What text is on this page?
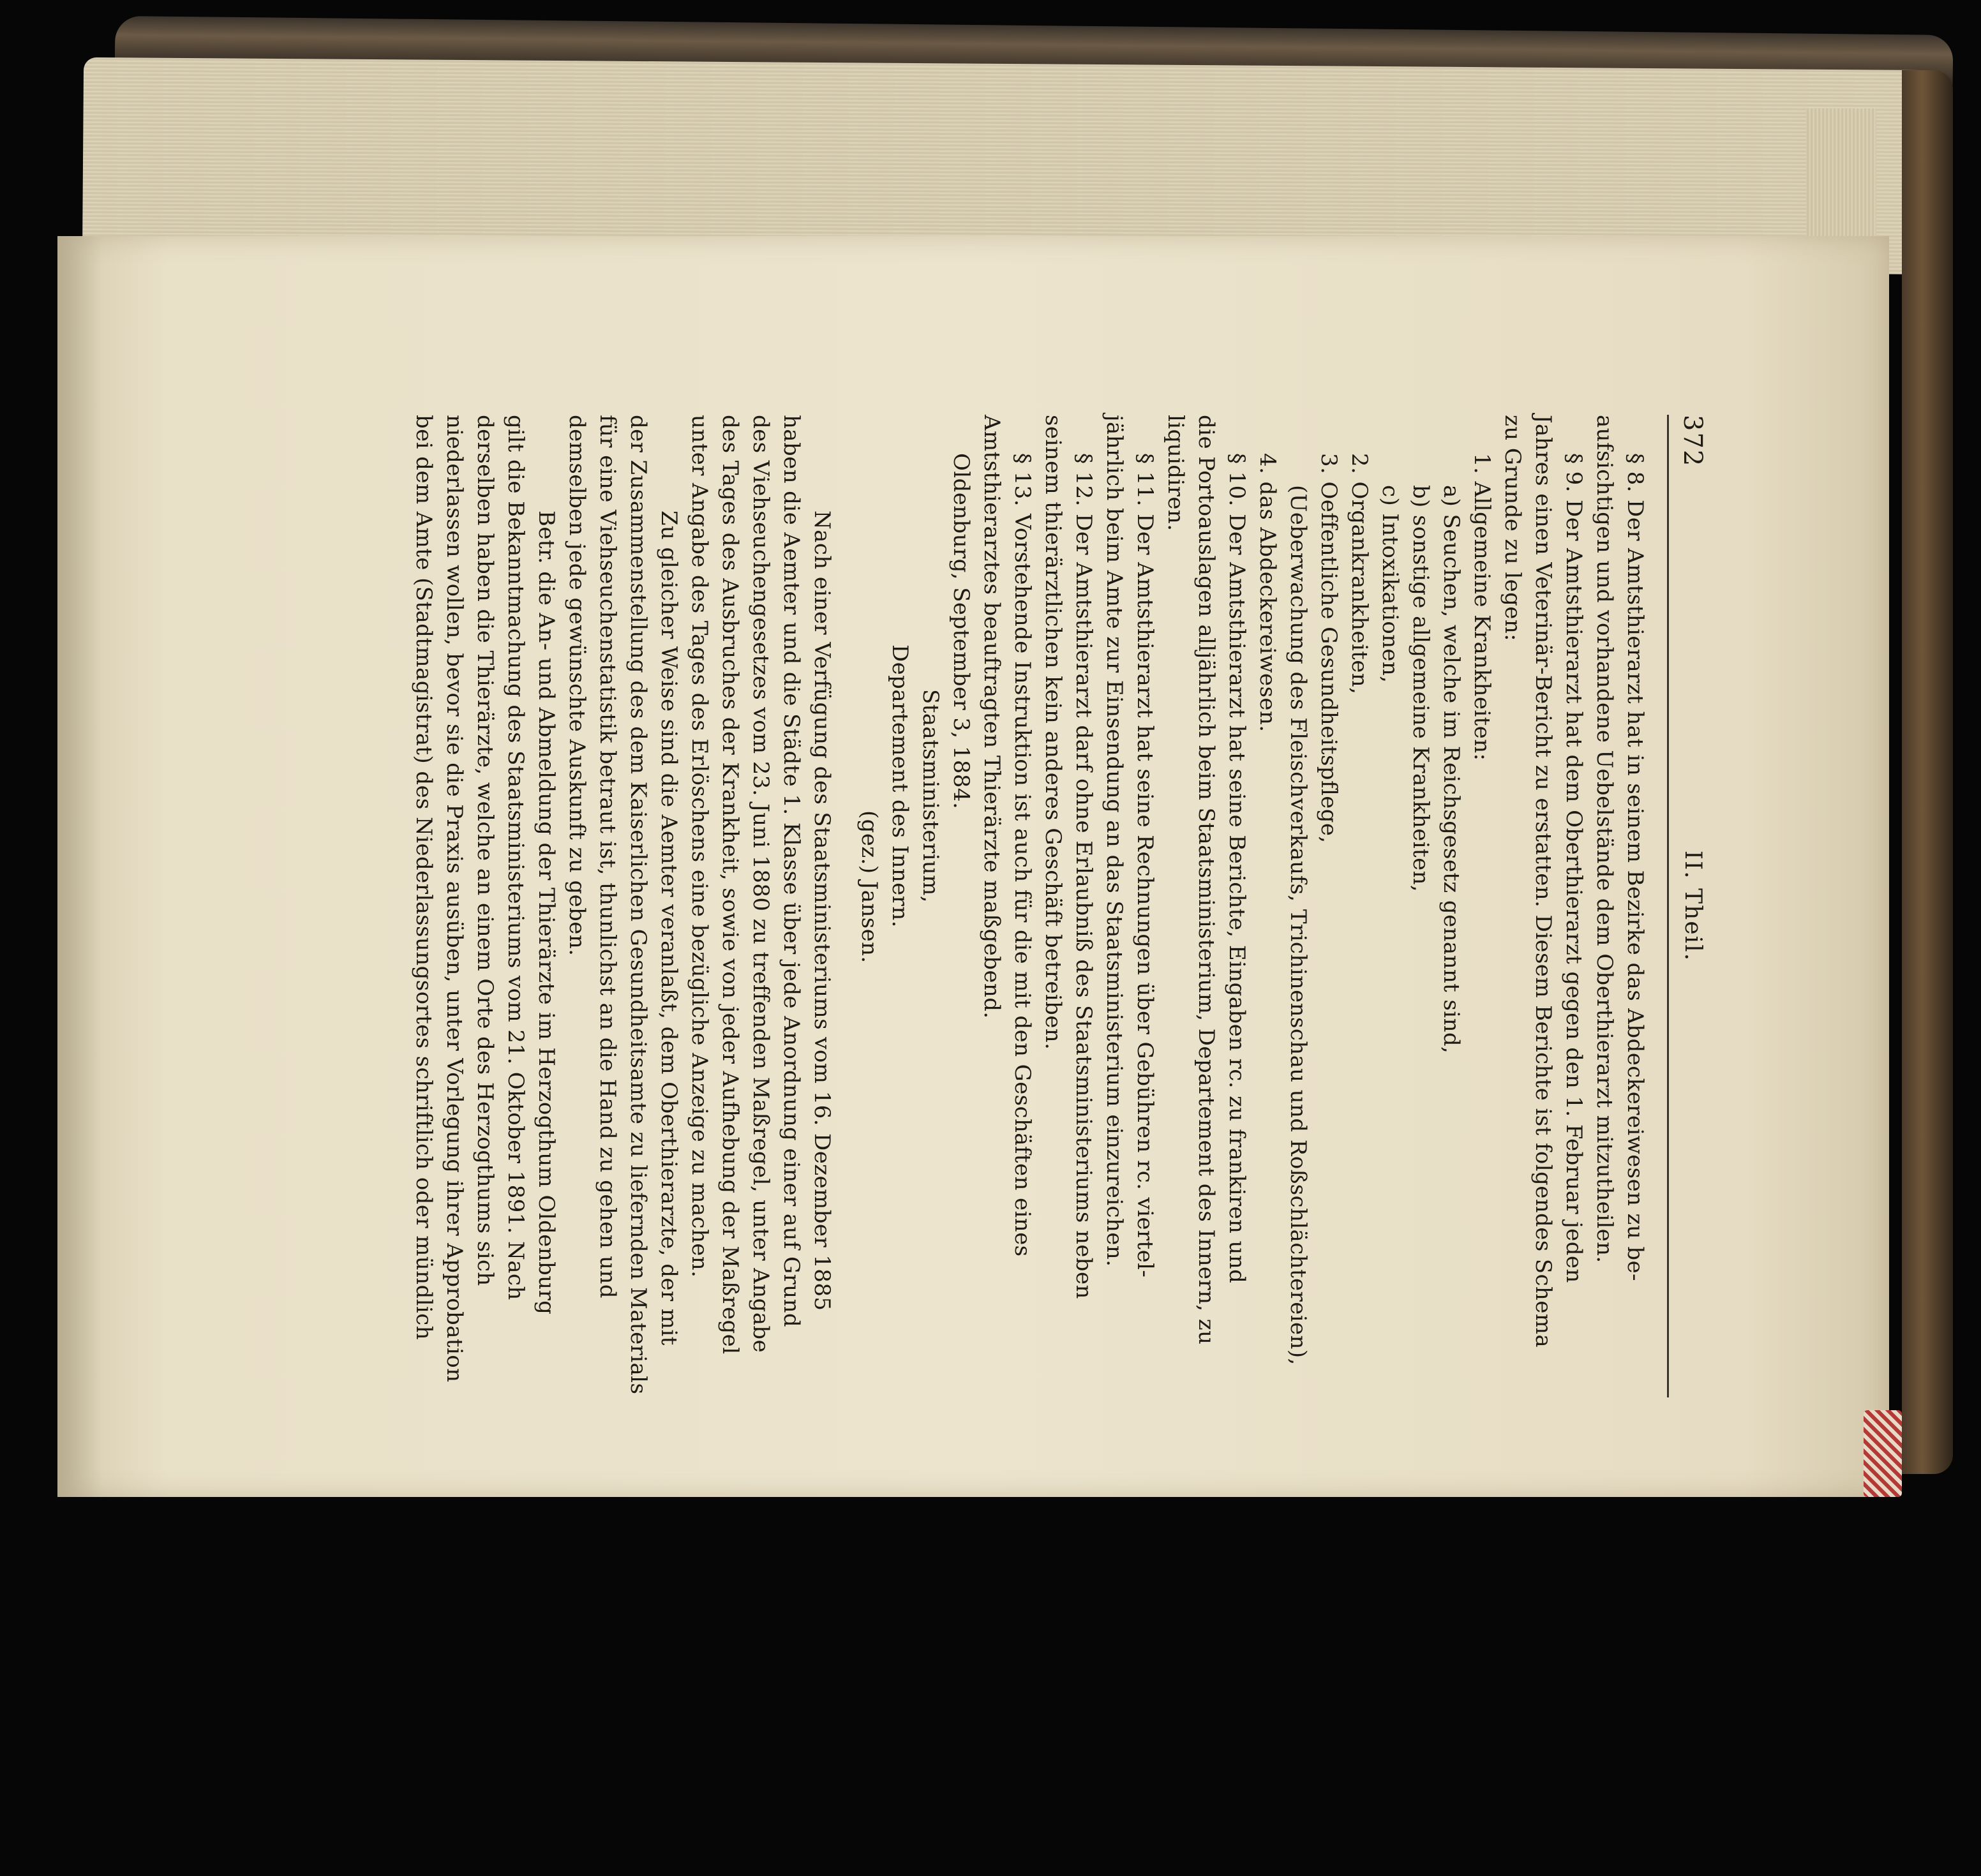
372
II. Theil.
§ 8. Der Amtsthierarzt hat in seinem Bezirke das Abdeckereiwesen zu be-
aufsichtigen und vorhandene Uebelstände dem Oberthierarzt mitzutheilen.
§ 9. Der Amtsthierarzt hat dem Oberthierarzt gegen den 1. Februar jeden
Jahres einen Veterinär-Bericht zu erstatten. Diesem Berichte ist folgendes Schema
zu Grunde zu legen:
1. Allgemeine Krankheiten:
a) Seuchen, welche im Reichsgesetz genannt sind,
b) sonstige allgemeine Krankheiten,
c) Intoxikationen,
2. Organkrankheiten,
3. Oeffentliche Gesundheitspflege,
(Ueberwachung des Fleischverkaufs, Trichinenschau und Roßschlächtereien),
4. das Abdeckereiwesen.
§ 10. Der Amtsthierarzt hat seine Berichte, Eingaben rc. zu frankiren und
die Portoauslagen alljährlich beim Staatsministerium, Departement des Innern, zu
liquidiren.
§ 11. Der Amtsthierarzt hat seine Rechnungen über Gebühren rc. viertel-
jährlich beim Amte zur Einsendung an das Staatsministerium einzureichen.
§ 12. Der Amtsthierarzt darf ohne Erlaubniß des Staatsministeriums neben
seinem thierärztlichen kein anderes Geschäft betreiben.
§ 13. Vorstehende Instruktion ist auch für die mit den Geschäften eines
Amtsthierarztes beauftragten Thierärzte maßgebend.
Oldenburg, September 3, 1884.
Staatsministerium,
Departement des Innern.
(gez.) Jansen.
Nach einer Verfügung des Staatsministeriums vom 16. Dezember 1885
haben die Aemter und die Städte 1. Klasse über jede Anordnung einer auf Grund
des Viehseuchengesetzes vom 23. Juni 1880 zu treffenden Maßregel, unter Angabe
des Tages des Ausbruches der Krankheit, sowie von jeder Aufhebung der Maßregel
unter Angabe des Tages des Erlöschens eine bezügliche Anzeige zu machen.
Zu gleicher Weise sind die Aemter veranlaßt, dem Oberthierarzte, der mit
der Zusammenstellung des dem Kaiserlichen Gesundheitsamte zu liefernden Materials
für eine Viehseuchenstatistik betraut ist, thunlichst an die Hand zu gehen und
demselben jede gewünschte Auskunft zu geben.
Betr. die An- und Abmeldung der Thierärzte im Herzogthum Oldenburg
gilt die Bekanntmachung des Staatsministeriums vom 21. Oktober 1891. Nach
derselben haben die Thierärzte, welche an einem Orte des Herzogthums sich
niederlassen wollen, bevor sie die Praxis ausüben, unter Vorlegung ihrer Approbation
bei dem Amte (Stadtmagistrat) des Niederlassungsortes schriftlich oder mündlich
